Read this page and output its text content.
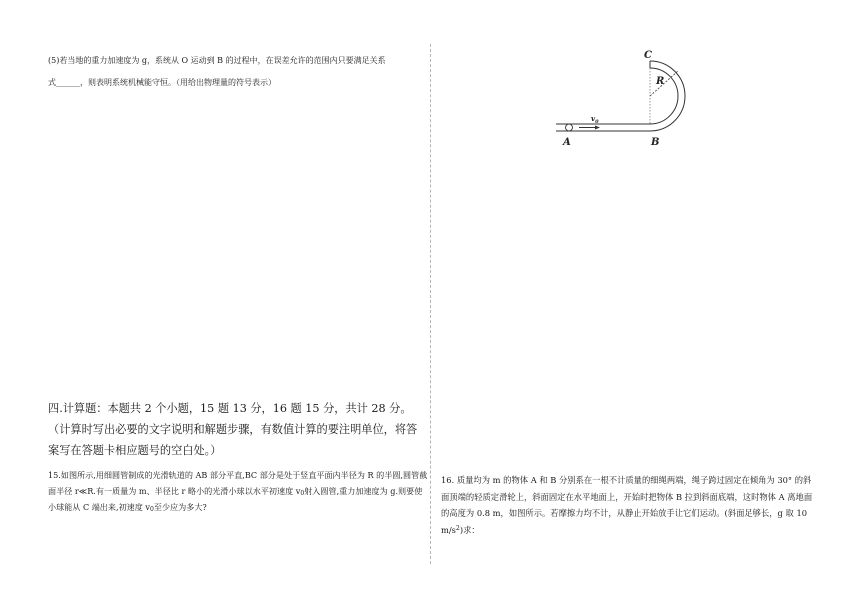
(5)若当地的重力加速度为 g，系统从 O 运动到 B 的过程中，在误差允许的范围内只要满足关系
式______，则表明系统机械能守恒。（用给出物理量的符号表示）

四.计算题：本题共 2 个小题，15 题 13 分，16 题 15 分，共计 28 分。（计算时写出必要的文字说明和解题步骤，有数值计算的要注明单位，将答案写在答题卡相应题号的空白处。）

15.如图所示,用细圆管制成的光滑轨道的 AB 部分平直,BC 部分是处于竖直平面内半径为 R 的半圆,圆管截面半径 r≪R.有一质量为 m、半径比 r 略小的光滑小球以水平初速度 $v_0$射入圆管,重力加速度为 g.则要使小球能从 C 端出来,初速度 $v_0$至少应为多大?

$v_0$
A	B
C
R

16. 质量均为 m 的物体 A 和 B 分别系在一根不计质量的细绳两端，绳子跨过固定在倾角为 30° 的斜面顶端的轻质定滑轮上，斜面固定在水平地面上，开始时把物体 B 拉到斜面底端，这时物体 A 离地面的高度为 0.8 m，如图所示。若摩擦力均不计，从静止开始放手让它们运动。(斜面足够长，g 取 10 $m/s^2$)求：
